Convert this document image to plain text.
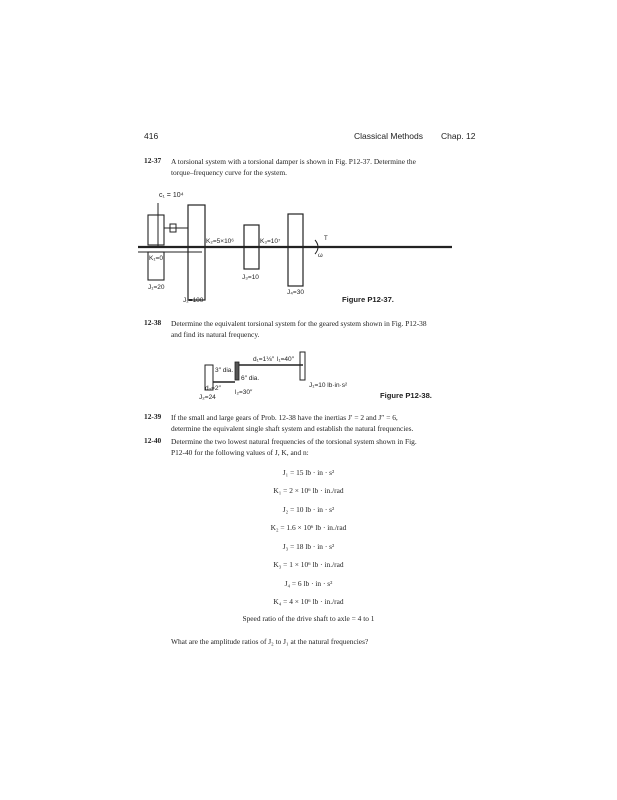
416	Classical Methods Chap. 12
12-37 A torsional system with a torsional damper is shown in Fig. P12-37. Determine the
torque–frequency curve for the system.
c₁ = 10⁴
K₂=5×10⁶	K₃=10⁷	T
ω
K₁=0
J₁=20
J₂=100
J₃=10
J₄=30
Figure P12-37.
12-38 Determine the equivalent torsional system for the geared system shown in Fig. P12-38
and find its natural frequency.
d₁=1⅛″ l₁=40″
3″ dia.
6″ dia.
d₂=2″
l₂=30″
J₁=10 lb·in·s²
J₂=24	Figure P12-38.
12-39 If the small and large gears of Prob. 12-38 have the inertias J′ = 2 and J″ = 6,
determine the equivalent single shaft system and establish the natural frequencies.
12-40 Determine the two lowest natural frequencies of the torsional system shown in Fig.
P12-40 for the following values of J, K, and n:
J₁ = 15 lb · in · s²
K₁ = 2 × 10⁶ lb · in./rad
J₂ = 10 lb · in · s²
K₂ = 1.6 × 10⁶ lb · in./rad
J₃ = 18 lb · in · s²
K₃ = 1 × 10⁶ lb · in./rad
J₄ = 6 lb · in · s²
K₄ = 4 × 10⁶ lb · in./rad
Speed ratio of the drive shaft to axle = 4 to 1
What are the amplitude ratios of J₂ to J₁ at the natural frequencies?
